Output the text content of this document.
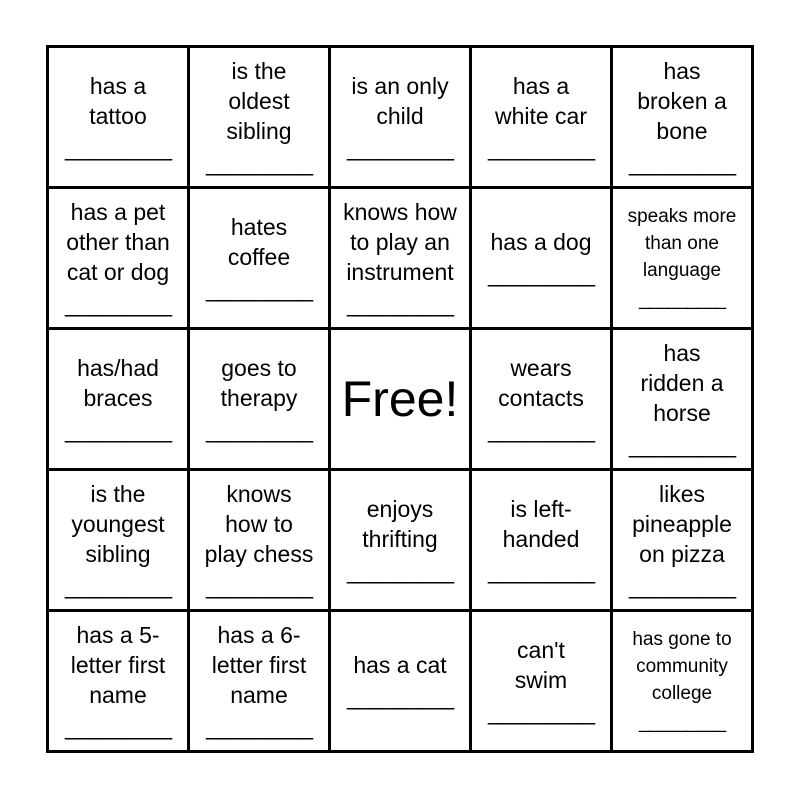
has a
tattoo
_________
is the
oldest
sibling
_________
is an only
child
_________
has a
white car
_________
has
broken a
bone
_________
has a pet
other than
cat or dog
_________
hates
coffee
_________
knows how
to play an
instrument
_________
has a dog
_________
speaks more
than one
language
_________
has/had
braces
_________
goes to
therapy
_________
Free!
wears
contacts
_________
has
ridden a
horse
_________
is the
youngest
sibling
_________
knows
how to
play chess
_________
enjoys
thrifting
_________
is left-
handed
_________
likes
pineapple
on pizza
_________
has a 5-
letter first
name
_________
has a 6-
letter first
name
_________
has a cat
_________
can't
swim
_________
has gone to
community
college
_________
